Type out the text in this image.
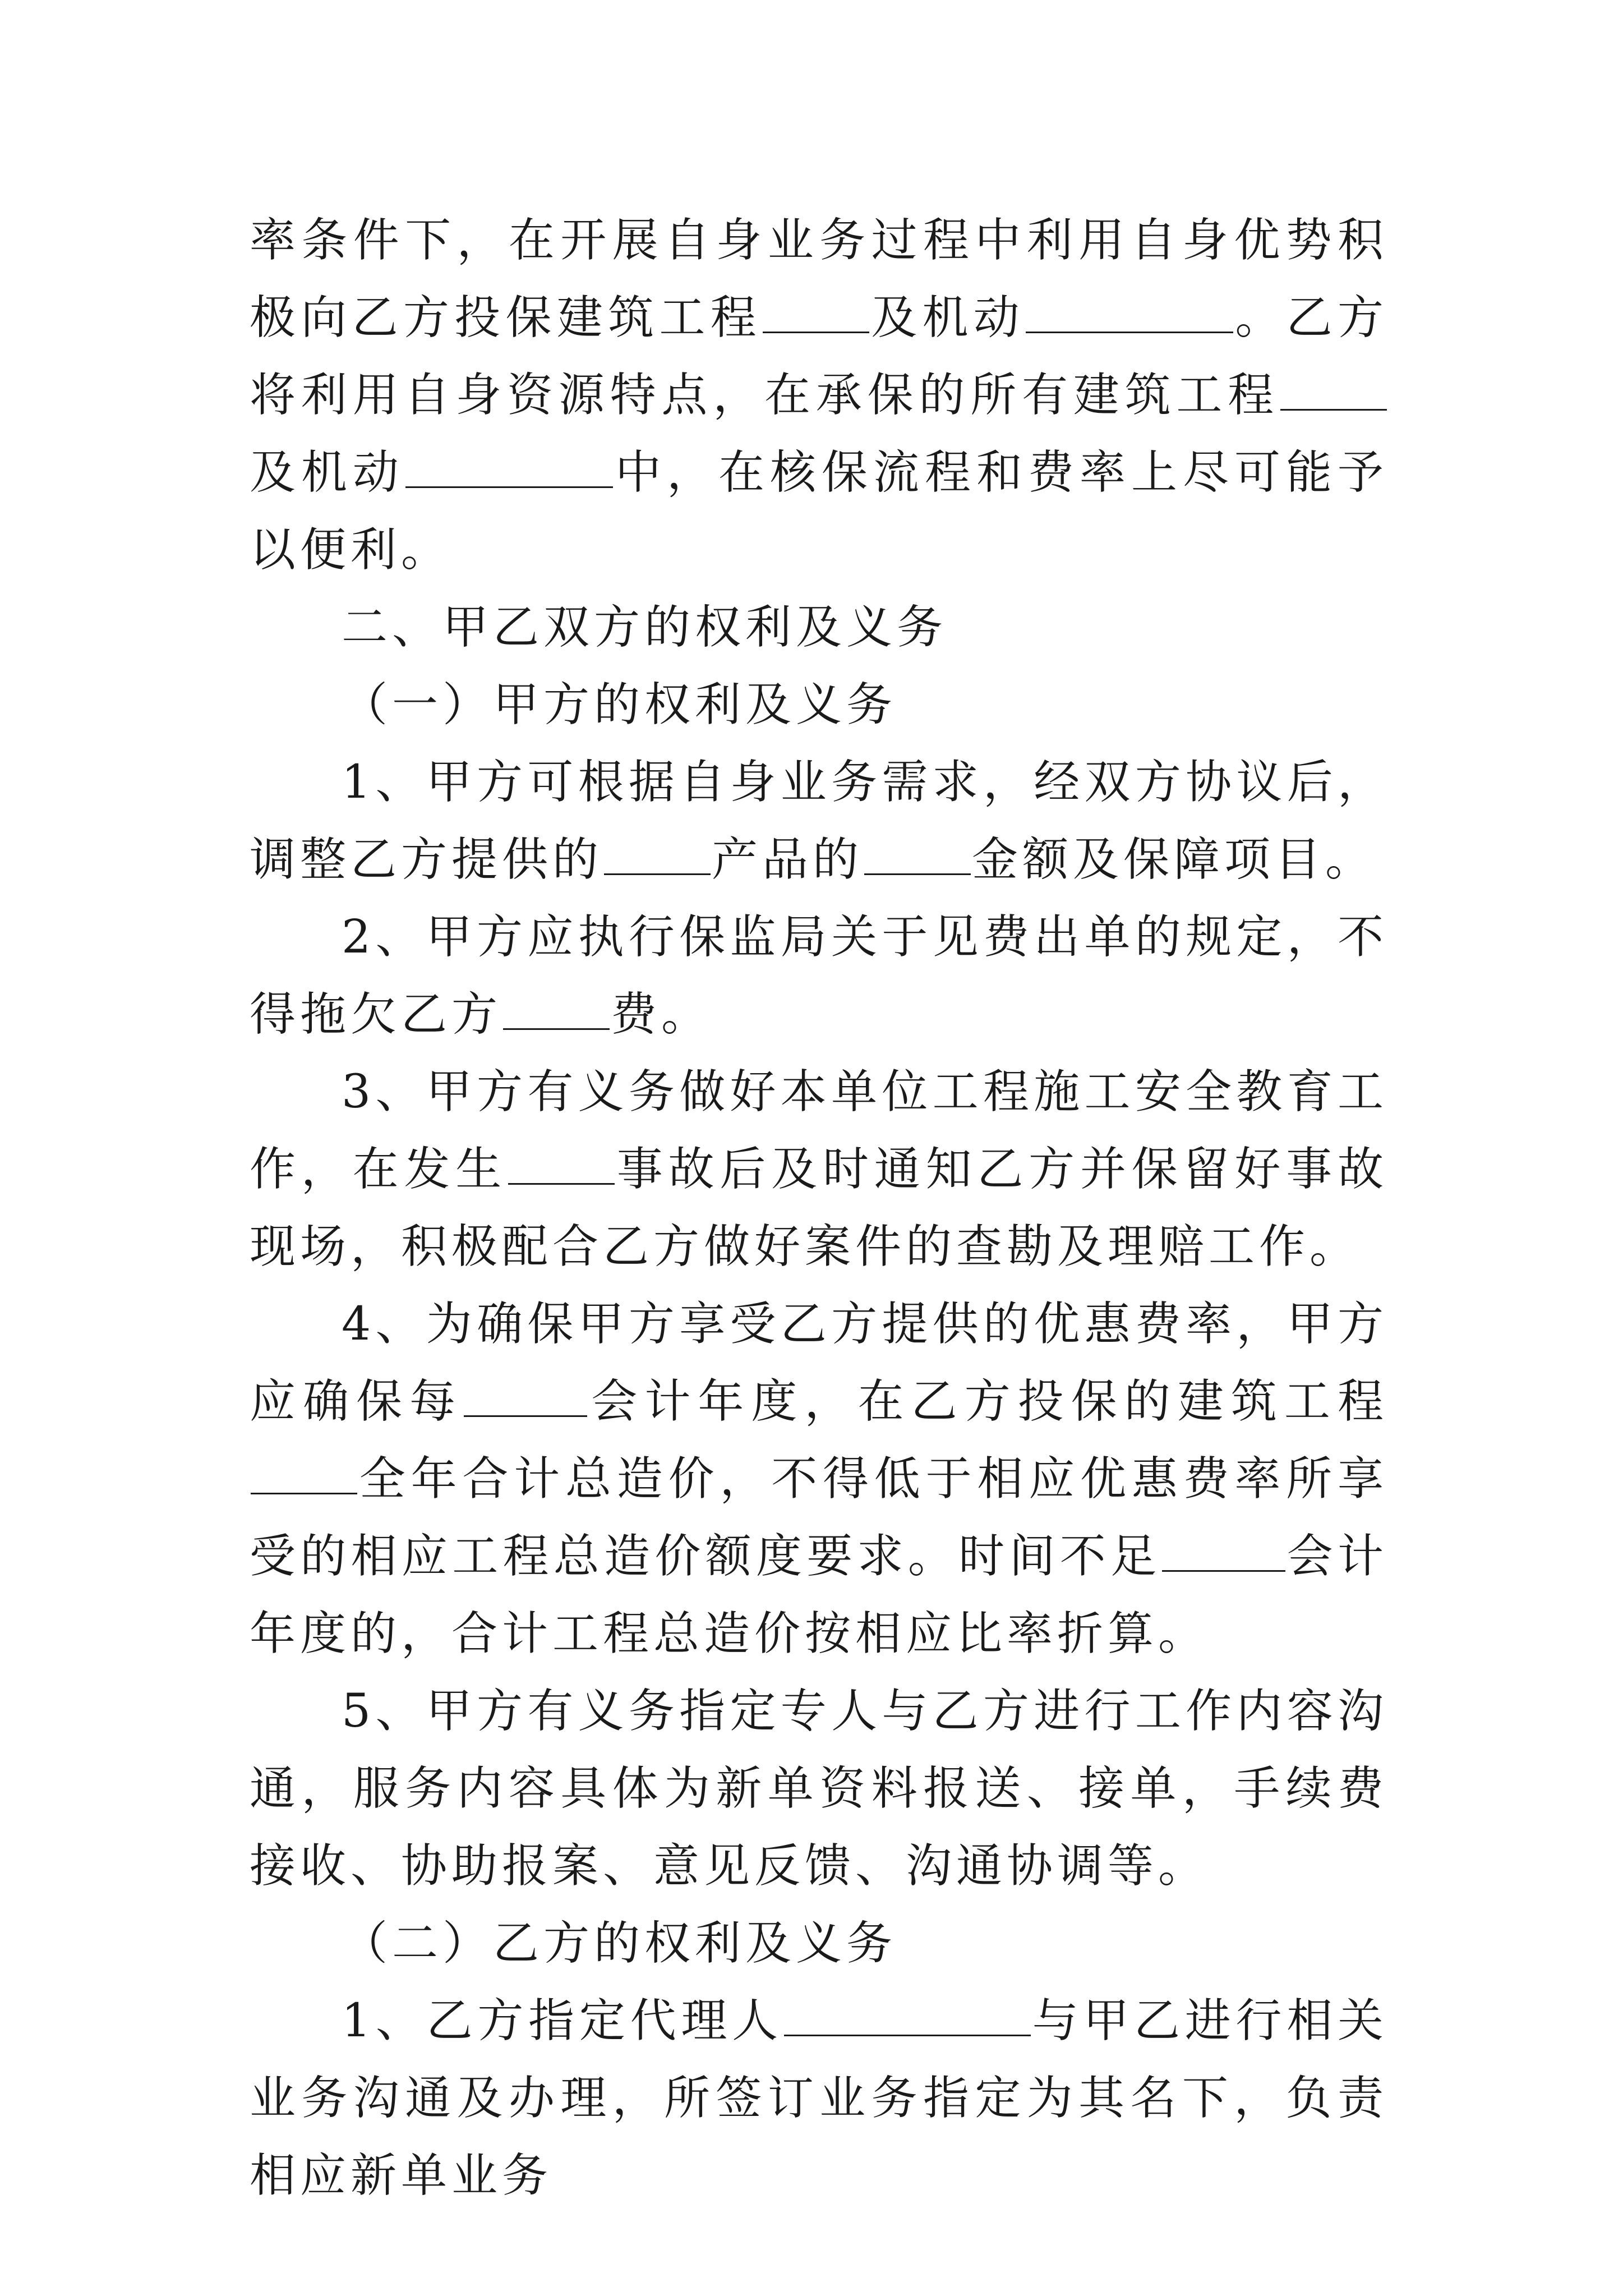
率条件下，在开展自身业务过程中利用自身优势积极向乙方投保建筑工程 及机动	。乙方将利用自身资源特点，在承保的所有建筑工程及机动	中，在核保流程和费率上尽可能予以便利。

二、甲乙双方的权利及义务

（一）甲方的权利及义务

1、甲方可根据自身业务需求，经双方协议后，调整乙方提供的 产品的 金额及保障项目。

2、甲方应执行保监局关于见费出单的规定，不得拖欠乙方 费。

3、甲方有义务做好本单位工程施工安全教育工作，在发生 事故后及时通知乙方并保留好事故现场，积极配合乙方做好案件的查勘及理赔工作。

4、为确保甲方享受乙方提供的优惠费率，甲方应确保每	会计年度，在乙方投保的建筑工程全年合计总造价，不得低于相应优惠费率所享受的相应工程总造价额度要求。时间不足	会计年度的，合计工程总造价按相应比率折算。

5、甲方有义务指定专人与乙方进行工作内容沟通，服务内容具体为新单资料报送、接单，手续费接收、协助报案、意见反馈、沟通协调等。

（二）乙方的权利及义务

1、乙方指定代理人	与甲乙进行相关业务沟通及办理，所签订业务指定为其名下，负责相应新单业务
